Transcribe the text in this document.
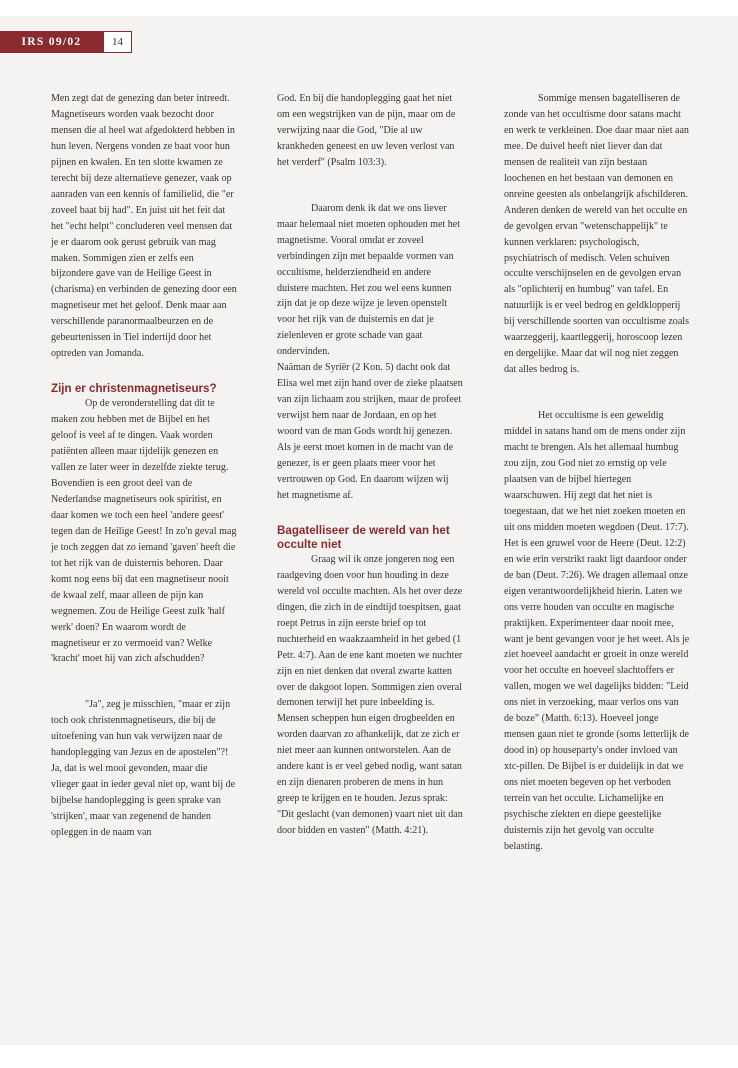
IRS 09/02	14

Men zegt dat de genezing dan beter intreedt. Magnetiseurs worden vaak bezocht door mensen die al heel wat afgedokterd hebben in hun leven. Nergens vonden ze baat voor hun pijnen en kwalen. En ten slotte kwamen ze terecht bij deze alternatieve genezer, vaak op aanraden van een kennis of familielid, die "er zoveel baat bij had". En juist uit het feit dat het "echt helpt" concluderen veel mensen dat je er daarom ook gerust gebruik van mag maken. Sommigen zien er zelfs een bijzondere gave van de Heilige Geest in (charisma) en verbinden de genezing door een magnetiseur met het geloof. Denk maar aan verschillende paranormaalbeurzen en de gebeurtenissen in Tiel indertijd door het optreden van Jomanda.

Zijn er christenmagnetiseurs?

Op de veronderstelling dat dit te maken zou hebben met de Bijbel en het geloof is veel af te dingen. Vaak worden patiënten alleen maar tijdelijk genezen en vallen ze later weer in dezelfde ziekte terug. Bovendien is een groot deel van de Nederlandse magnetiseurs ook spiritist, en daar komen we toch een heel 'andere geest' tegen dan de Heilige Geest! In zo'n geval mag je toch zeggen dat zo iemand 'gaven' heeft die tot het rijk van de duisternis behoren. Daar komt nog eens bij dat een magnetiseur nooit de kwaal zelf, maar alleen de pijn kan wegnemen. Zou de Heilige Geest zulk 'half werk' doen? En waarom wordt de magnetiseur er zo vermoeid van? Welke 'kracht' moet hij van zich afschudden?

"Ja", zeg je misschien, "maar er zijn toch ook christenmagnetiseurs, die bij de uitoefening van hun vak verwijzen naar de handoplegging van Jezus en de apostelen"?! Ja, dat is wel mooi gevonden, maar die vlieger gaat in ieder geval niet op, want bij de bijbelse handoplegging is geen sprake van 'strijken', maar van zegenend de handen opleggen in de naam van

God. En bij die handoplegging gaat het niet om een wegstrijken van de pijn, maar om de verwijzing naar die God, "Die al uw krankheden geneest en uw leven verlost van het verderf" (Psalm 103:3).

Daarom denk ik dat we ons liever maar helemaal niet moeten ophouden met het magnetisme. Vooral omdat er zoveel verbindingen zijn met bepaalde vormen van occultisme, helderziendheid en andere duistere machten. Het zou wel eens kunnen zijn dat je op deze wijze je leven openstelt voor het rijk van de duisternis en dat je zielenleven er grote schade van gaat ondervinden.

Naäman de Syriër (2 Kon. 5) dacht ook dat Elisa wel met zijn hand over de zieke plaatsen van zijn lichaam zou strijken, maar de profeet verwijst hem naar de Jordaan, en op het woord van de man Gods wordt hij genezen. Als je eerst moet komen in de macht van de genezer, is er geen plaats meer voor het vertrouwen op God. En daarom wijzen wij het magnetisme af.

Bagatelliseer de wereld van het occulte niet

Graag wil ik onze jongeren nog een raadgeving doen voor hun houding in deze wereld vol occulte machten. Als het over deze dingen, die zich in de eindtijd toespitsen, gaat roept Petrus in zijn eerste brief op tot nuchterheid en waakzaamheid in het gebed (1 Petr. 4:7). Aan de ene kant moeten we nuchter zijn en niet denken dat overal zwarte katten over de dakgoot lopen. Sommigen zien overal demonen terwijl het pure inbeelding is. Mensen scheppen hun eigen drogbeelden en worden daarvan zo afhankelijk, dat ze zich er niet meer aan kunnen ontworstelen. Aan de andere kant is er veel gebed nodig, want satan en zijn dienaren proberen de mens in hun greep te krijgen en te houden. Jezus sprak: "Dit geslacht (van demonen) vaart niet uit dan door bidden en vasten" (Matth. 4:21).

Sommige mensen bagatelliseren de zonde van het occultisme door satans macht en werk te verkleinen. Doe daar maar niet aan mee. De duivel heeft niet liever dan dat mensen de realiteit van zijn bestaan loochenen en het bestaan van demonen en onreine geesten als onbelangrijk afschilderen. Anderen denken de wereld van het occulte en de gevolgen ervan "wetenschappelijk" te kunnen verklaren: psychologisch, psychiatrisch of medisch. Velen schuiven occulte verschijnselen en de gevolgen ervan als "oplichterij en humbug" van tafel. En natuurlijk is er veel bedrog en geldklopperij bij verschillende soorten van occultisme zoals waarzeggerij, kaartleggerij, horoscoop lezen en dergelijke. Maar dat wil nog niet zeggen dat alles bedrog is.

Het occultisme is een geweldig middel in satans hand om de mens onder zijn macht te brengen. Als het allemaal humbug zou zijn, zou God niet zo ernstig op vele plaatsen van de bijbel hiertegen waarschuwen. Hij zegt dat het niet is toegestaan, dat we het niet zoeken moeten en uit ons midden moeten wegdoen (Deut. 17:7). Het is een gruwel voor de Heere (Deut. 12:2) en wie erin verstrikt raakt ligt daardoor onder de ban (Deut. 7:26). We dragen allemaal onze eigen verantwoordelijkheid hierin. Laten we ons verre houden van occulte en magische praktijken. Experimenteer daar nooit mee, want je bent gevangen voor je het weet. Als je ziet hoeveel aandacht er groeit in onze wereld voor het occulte en hoeveel slachtoffers er vallen, mogen we wel dagelijks bidden: "Leid ons niet in verzoeking, maar verlos ons van de boze" (Matth. 6:13). Hoeveel jonge mensen gaan niet te gronde (soms letterlijk de dood in) op houseparty's onder invloed van xtc-pillen. De Bijbel is er duidelijk in dat we ons niet moeten begeven op het verboden terrein van het occulte. Lichamelijke en psychische ziekten en diepe geestelijke duisternis zijn het gevolg van occulte belasting.
